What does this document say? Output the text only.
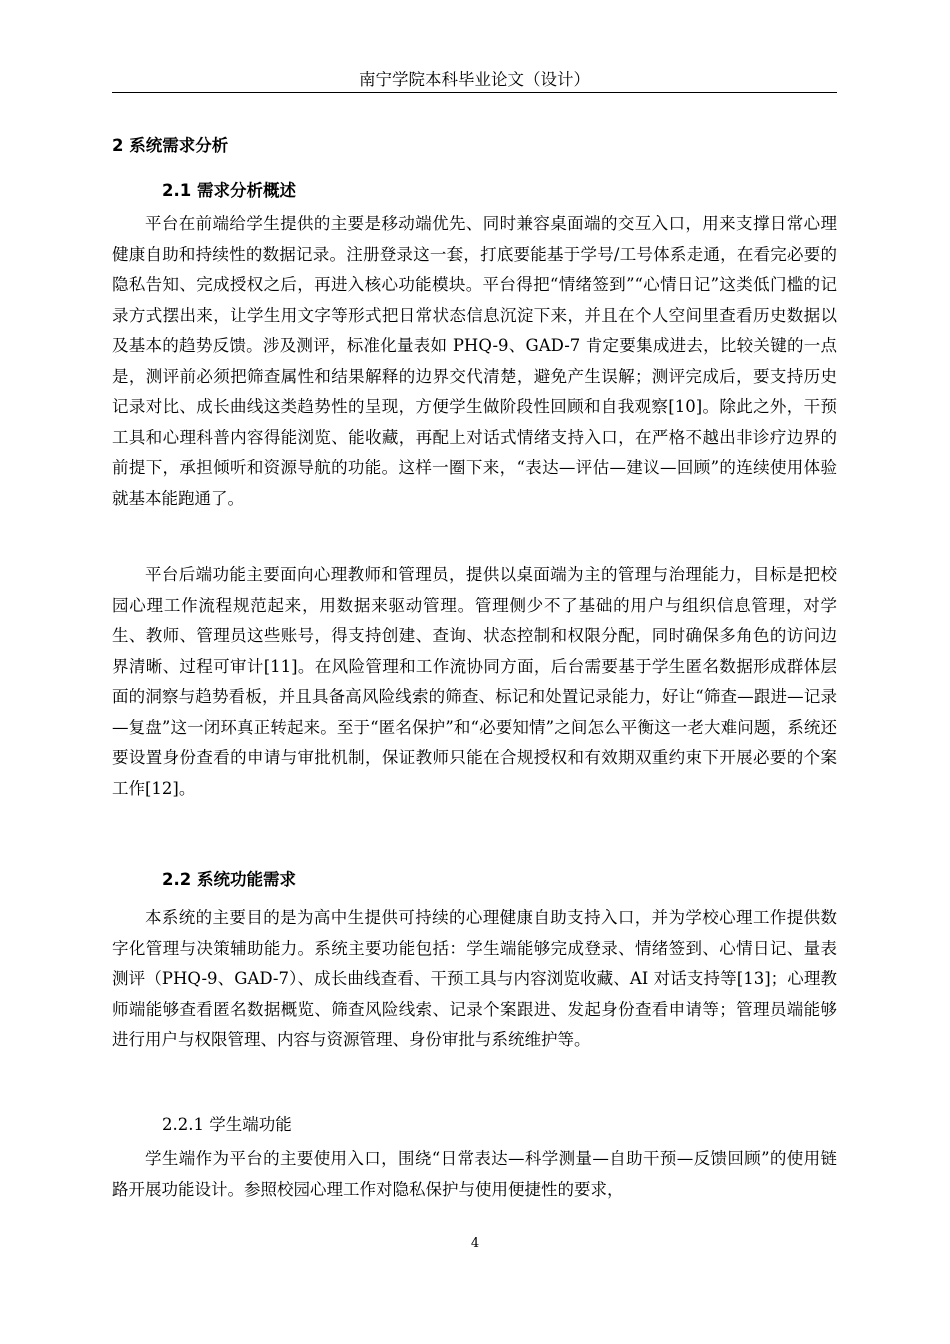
南宁学院本科毕业论文（设计）
2 系统需求分析
2.1 需求分析概述

平台在前端给学生提供的主要是移动端优先、同时兼容桌面端的交互入口，用来支撑日常心理健康自助和持续性的数据记录。注册登录这一套，打底要能基于学号/工号体系走通，在看完必要的隐私告知、完成授权之后，再进入核心功能模块。平台得把“情绪签到”“心情日记”这类低门槛的记录方式摆出来，让学生用文字等形式把日常状态信息沉淀下来，并且在个人空间里查看历史数据以及基本的趋势反馈。涉及测评，标准化量表如 PHQ-9、GAD-7 肯定要集成进去，比较关键的一点是，测评前必须把筛查属性和结果解释的边界交代清楚，避免产生误解；测评完成后，要支持历史记录对比、成长曲线这类趋势性的呈现，方便学生做阶段性回顾和自我观察[10]。除此之外，干预工具和心理科普内容得能浏览、能收藏，再配上对话式情绪支持入口，在严格不越出非诊疗边界的前提下，承担倾听和资源导航的功能。这样一圈下来，“表达—评估—建议—回顾”的连续使用体验就基本能跑通了。

平台后端功能主要面向心理教师和管理员，提供以桌面端为主的管理与治理能力，目标是把校园心理工作流程规范起来，用数据来驱动管理。管理侧少不了基础的用户与组织信息管理，对学生、教师、管理员这些账号，得支持创建、查询、状态控制和权限分配，同时确保多角色的访问边界清晰、过程可审计[11]。在风险管理和工作流协同方面，后台需要基于学生匿名数据形成群体层面的洞察与趋势看板，并且具备高风险线索的筛查、标记和处置记录能力，好让“筛查—跟进—记录—复盘”这一闭环真正转起来。至于“匿名保护”和“必要知情”之间怎么平衡这一老大难问题，系统还要设置身份查看的申请与审批机制，保证教师只能在合规授权和有效期双重约束下开展必要的个案工作[12]。

2.2 系统功能需求

本系统的主要目的是为高中生提供可持续的心理健康自助支持入口，并为学校心理工作提供数字化管理与决策辅助能力。系统主要功能包括：学生端能够完成登录、情绪签到、心情日记、量表测评（PHQ-9、GAD-7）、成长曲线查看、干预工具与内容浏览收藏、AI 对话支持等[13]；心理教师端能够查看匿名数据概览、筛查风险线索、记录个案跟进、发起身份查看申请等；管理员端能够进行用户与权限管理、内容与资源管理、身份审批与系统维护等。

2.2.1 学生端功能

学生端作为平台的主要使用入口，围绕“日常表达—科学测量—自助干预—反馈回顾”的使用链路开展功能设计。参照校园心理工作对隐私保护与使用便捷性的要求，

4
